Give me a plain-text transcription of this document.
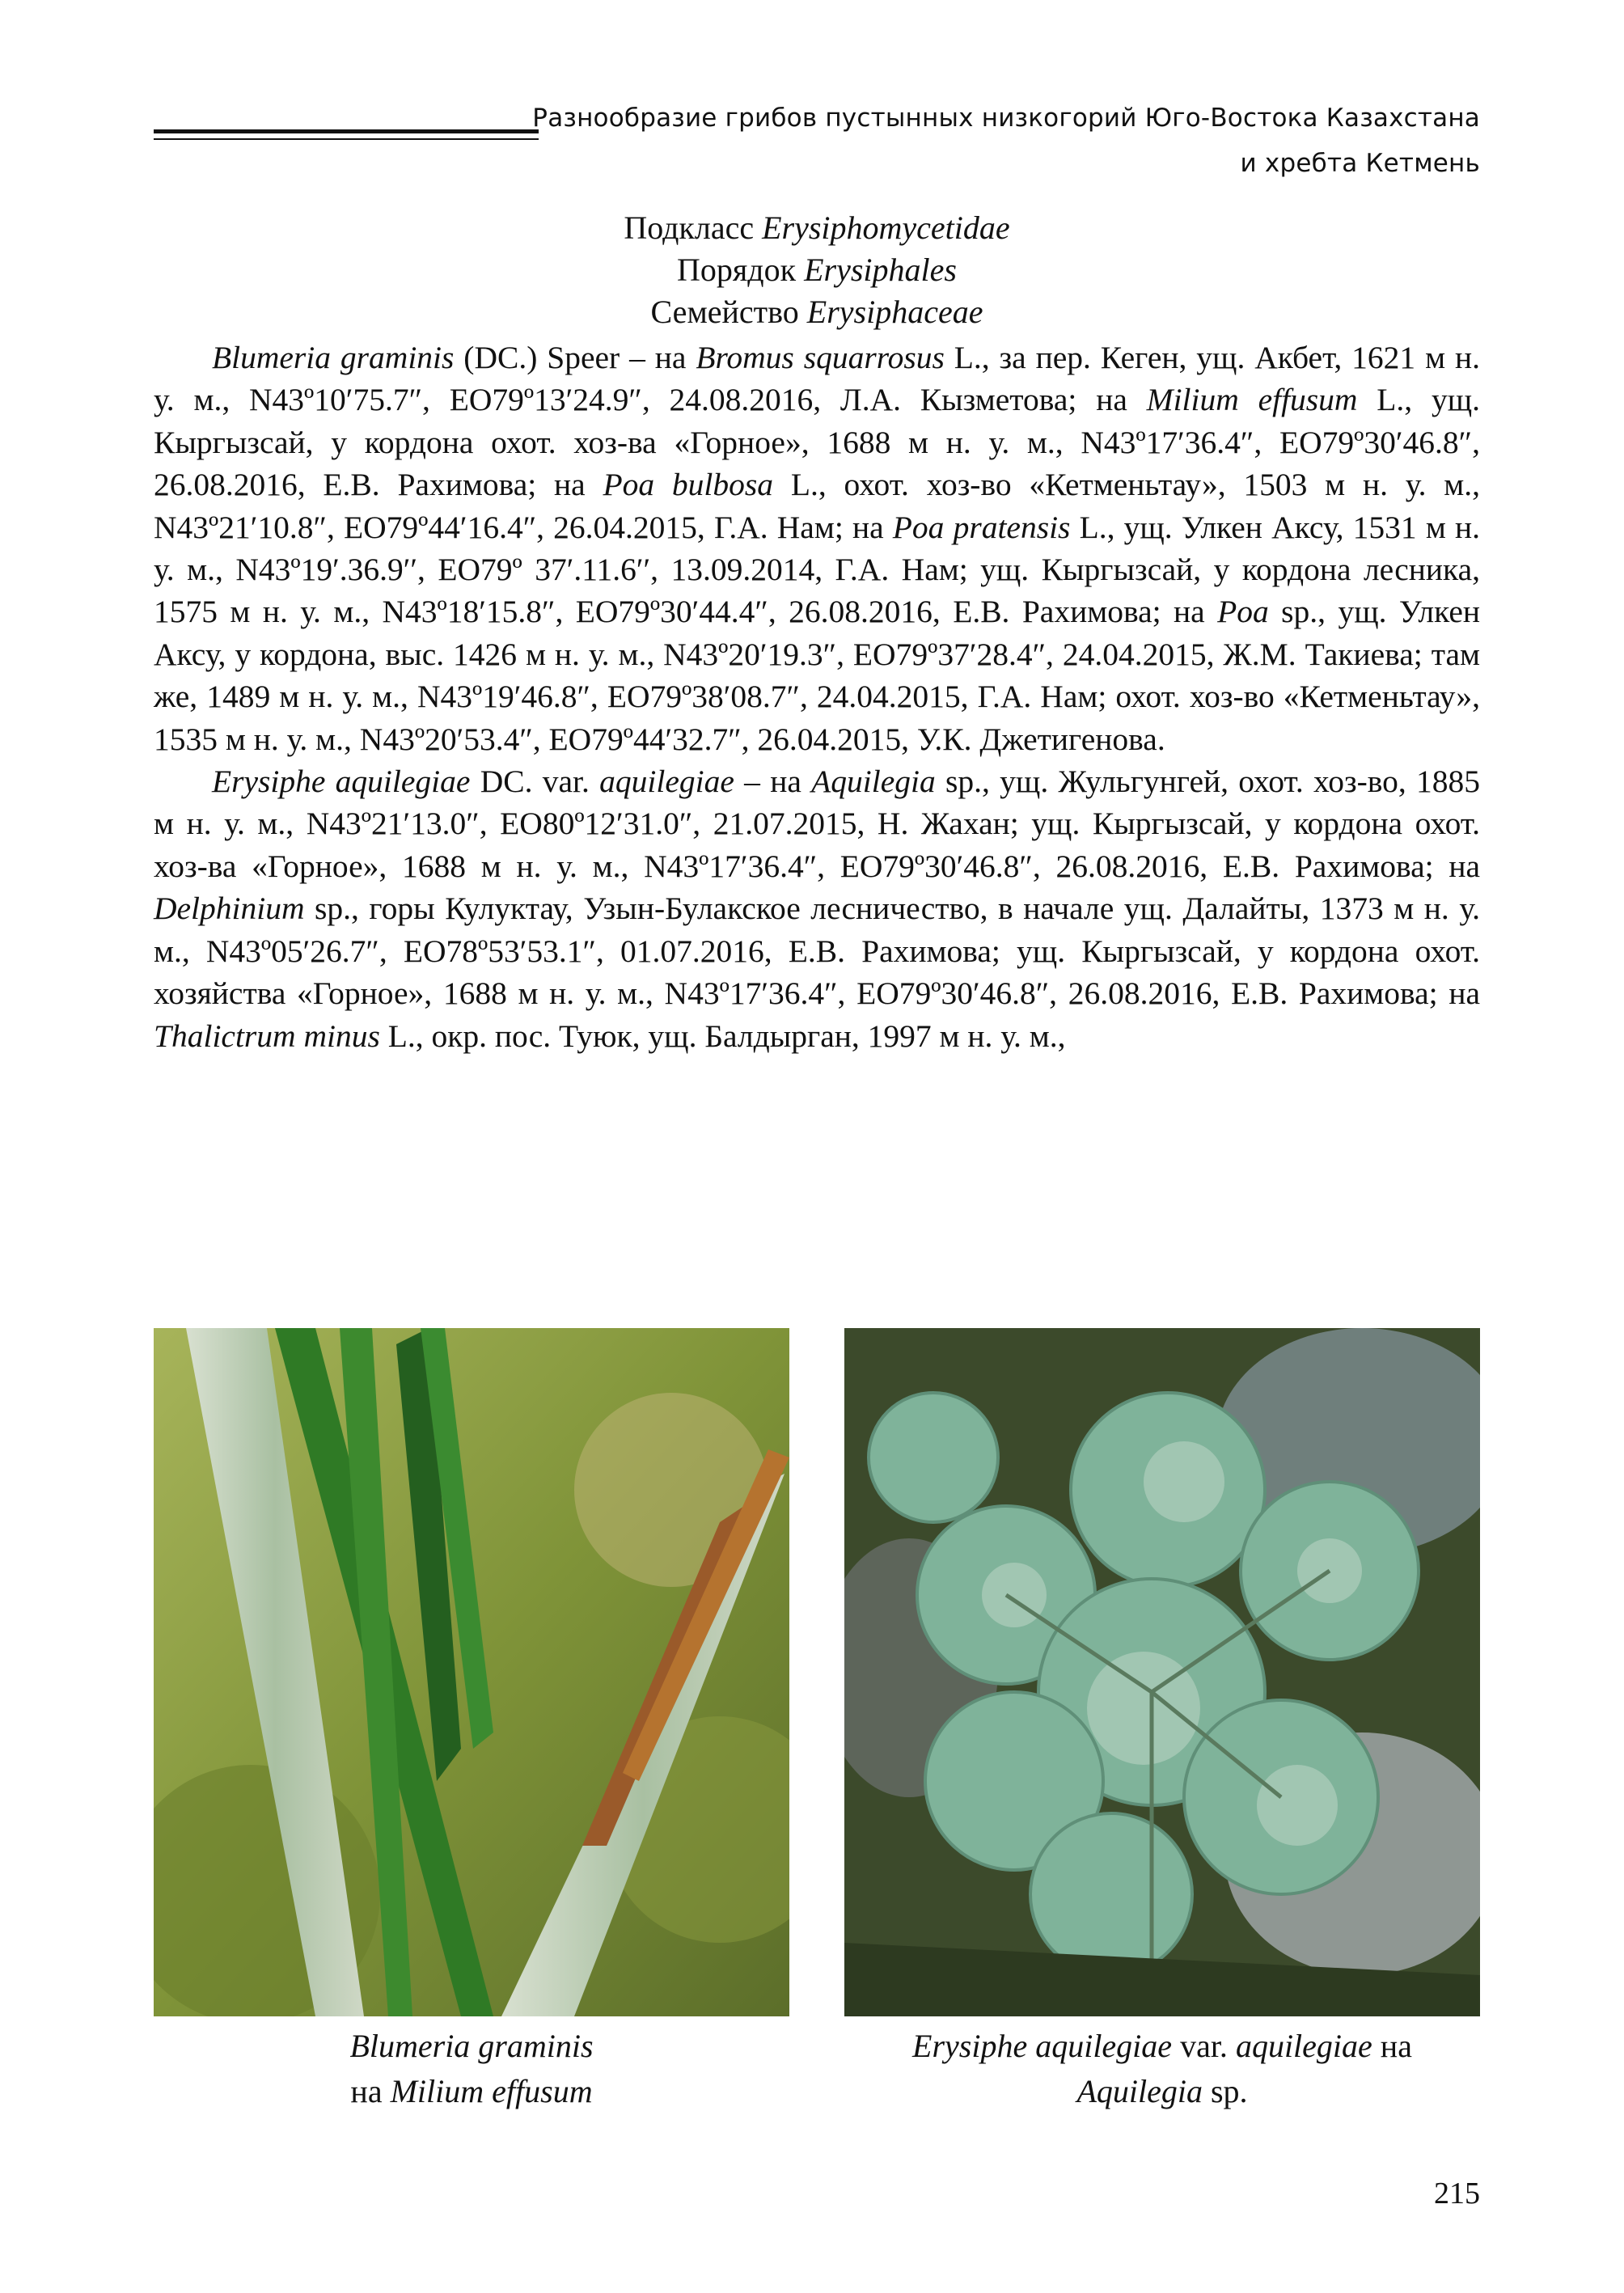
Разнообразие грибов пустынных низкогорий Юго-Востока Казахстана
и хребта Кетмень
Подкласс Erysiphomycetidae
Порядок Erysiphales
Семейство Erysiphaceae

Blumeria graminis (DC.) Speer – на Bromus squarrosus L., за пер. Кеген, ущ. Акбет, 1621 м н. у. м., N43º10′75.7″, EO79º13′24.9″, 24.08.2016, Л.А. Кызметова; на Milium effusum L., ущ. Кыргызсай, у кордона охот. хоз-ва «Горное», 1688 м н. у. м., N43º17′36.4″, EO79º30′46.8″, 26.08.2016, Е.В. Рахимова; на Poa bulbosa L., охот. хоз-во «Кетменьтау», 1503 м н. у. м., N43º21′10.8″, EO79º44′16.4″, 26.04.2015, Г.А. Нам; на Poa pratensis L., ущ. Улкен Аксу, 1531 м н. у. м., N43º19′.36.9′′, EO79º 37′.11.6′′, 13.09.2014, Г.А. Нам; ущ. Кыргызсай, у кордона лесника, 1575 м н. у. м., N43º18′15.8″, EO79º30′44.4″, 26.08.2016, Е.В. Рахимова; на Poa sp., ущ. Улкен Аксу, у кордона, выс. 1426 м н. у. м., N43º20′19.3″, EO79º37′28.4″, 24.04.2015, Ж.М. Такиева; там же, 1489 м н. у. м., N43º19′46.8″, EO79º38′08.7″, 24.04.2015, Г.А. Нам; охот. хоз-во «Кетменьтау», 1535 м н. у. м., N43º20′53.4″, EO79º44′32.7″, 26.04.2015, У.К. Джетигенова.

Erysiphe aquilegiae DC. var. aquilegiae – на Aquilegia sp., ущ. Жульгунгей, охот. хоз-во, 1885 м н. у. м., N43º21′13.0″, EO80º12′31.0″, 21.07.2015, Н. Жахан; ущ. Кыргызсай, у кордона охот. хоз-ва «Горное», 1688 м н. у. м., N43º17′36.4″, EO79º30′46.8″, 26.08.2016, Е.В. Рахимова; на Delphinium sp., горы Кулуктау, Узын-Булакское лесничество, в начале ущ. Далайты, 1373 м н. у. м., N43º05′26.7″, EO78º53′53.1″, 01.07.2016, Е.В. Рахимова; ущ. Кыргызсай, у кордона охот. хозяйства «Горное», 1688 м н. у. м., N43º17′36.4″, EO79º30′46.8″, 26.08.2016, Е.В. Рахимова; на Thalictrum minus L., окр. пос. Туюк, ущ. Балдырган, 1997 м н. у. м.,

Blumeria graminis
на Milium effusum
Erysiphe aquilegiae var. aquilegiae на
Aquilegia sp.
215
